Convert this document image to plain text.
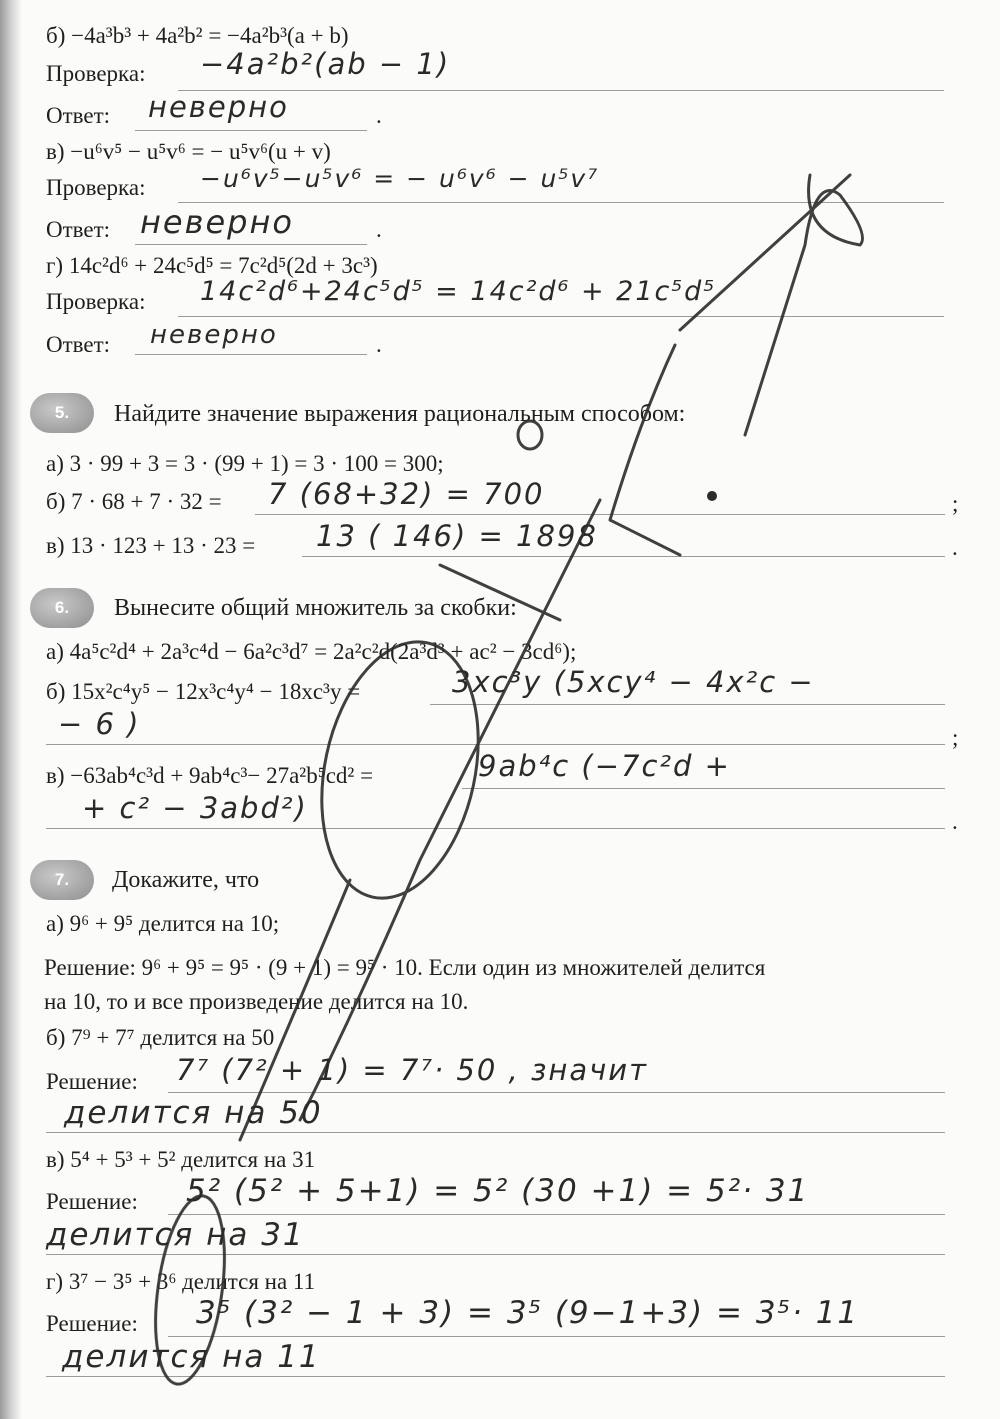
б) −4a³b³ + 4a²b² = −4a²b³(a + b)
Проверка: −4a²b²(ab − 1)
Ответ: неверно	.
в) −u⁶v⁵ − u⁵v⁶ = − u⁵v⁶(u + v)
Проверка: −u⁶v⁵−u⁵v⁶ = − u⁶v⁶ − u⁵v⁷
Ответ: неверно	.
г) 14c²d⁶ + 24c⁵d⁵ = 7c²d⁵(2d + 3c³)
Проверка: 14c²d⁶+24c⁵d⁵ = 14c²d⁶ + 21c⁵d⁵
Ответ: неверно	.
5.	Найдите значение выражения рациональным способом:
а) 3 · 99 + 3 = 3 · (99 + 1) = 3 · 100 = 300;
б) 7 · 68 + 7 · 32 = 7 (68+32) = 700	;
в) 13 · 123 + 13 · 23 = 13 ( 146) = 1898	.
6.	Вынесите общий множитель за скобки:
а) 4a⁵c²d⁴ + 2a³c⁴d − 6a²c³d⁷ = 2a²c²d(2a³d³ + ac² − 3cd⁶);
б) 15x²c⁴y⁵ − 12x³c⁴y⁴ − 18xc³y =	3xc³y (5xcy⁴ − 4x²c −
− 6 )	;
в) −63ab⁴c³d + 9ab⁴c³− 27a²b⁵cd² =	9ab⁴c (−7c²d +
+ c² − 3abd²)	.
7.	Докажите, что
а) 9⁶ + 9⁵ делится на 10;
Решение: 9⁶ + 9⁵ = 9⁵ · (9 + 1) = 9⁵ · 10. Если один из множителей делится
на 10, то и все произведение делится на 10.
б) 7⁹ + 7⁷ делится на 50
Решение: 7⁷ (7² + 1) = 7⁷· 50 , значит
делится на 50
в) 5⁴ + 5³ + 5² делится на 31
Решение: 5² (5² + 5+1) = 5² (30 +1) = 5²· 31
делится на 31
г) 3⁷ − 3⁵ + 3⁶ делится на 11
Решение: 3⁵ (3² − 1 + 3) = 3⁵ (9−1+3) = 3⁵· 11
делится на 11
